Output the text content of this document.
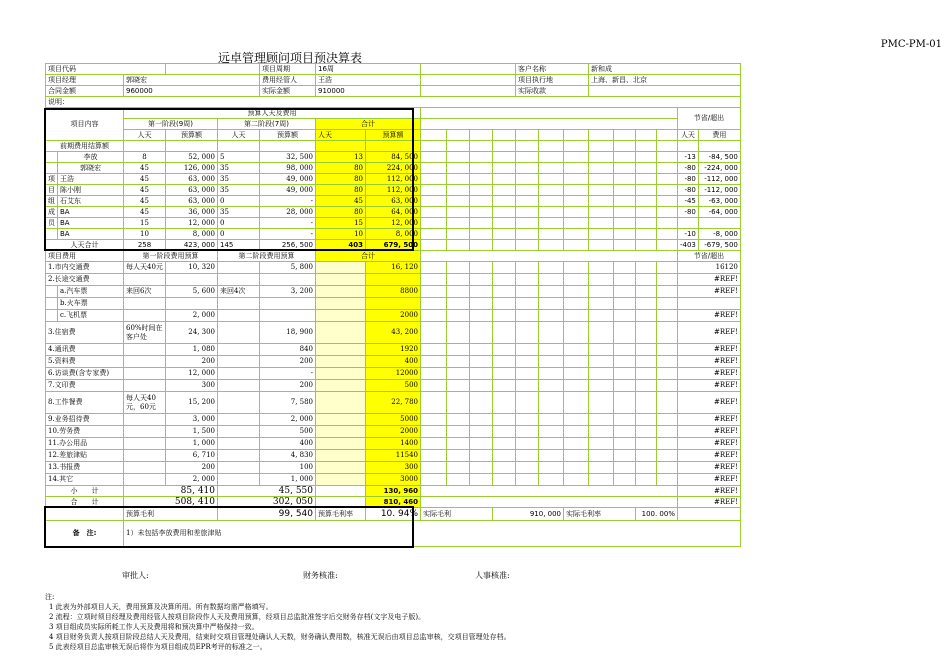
PMC-PM-01
远卓管理顾问项目预决算表
项目代码					项目周期	16周						客户名称			新和成					
项目经理		郭晓宏			费用经管人	王浩						项目执行地			上海、新昌、北京					
合同金额		960000			实际金额	910000						实际收款								
说明：																				
项目内容		预算人天及费用																	节省/超出	
		第一阶段(9周)		第二阶段(7周)		合计														
		人天	预算额	人天	预算额	人天	预算额												人天	费用
前期费用结算额																				
	李放	8	52, 000	5	32, 500	13	84, 500												-13	-84, 500
	郭晓宏	45	126, 000	35	98, 000	80	224, 000												-80	-224, 000
项	王浩	45	63, 000	35	49, 000	80	112, 000												-80	-112, 000
目	陈小刚	45	63, 000	35	49, 000	80	112, 000												-80	-112, 000
组	石艾东	45	63, 000	0	-	45	63, 000												-45	-63, 000
成	BA	45	36, 000	35	28, 000	80	64, 000												-80	-64, 000
员	BA	15	12, 000	0	-	15	12, 000													
	BA	10	8, 000	0	-	10	8, 000												-10	-8, 000
人天合计		258	423, 000	145	256, 500	403	679, 500												-403	-679, 500
项目费用		第一阶段费用预算		第二阶段费用预算		合计													节省/超出	
1.市内交通费		每人天40元	10, 320		5, 800		16, 120												16120	
2.长途交通费																			#REF!	
	a.汽车票	来回6次	5, 600	来回4次	3, 200		8800												#REF!	
	b.火车票																			
	c.飞机票		2, 000				2000												#REF!	
3.住宿费		60%时间在客户处	24, 300		18, 900		43, 200												#REF!	
4.通讯费			1, 080		840		1920												#REF!	
5.资料费			200		200		400												#REF!	
6.访谈费(含专家费)			12, 000		-		12000												#REF!	
7.文印费			300		200		500												#REF!	
8.工作餐费		每人天40元，60元	15, 200		7, 580		22, 780												#REF!	
9.业务招待费			3, 000		2, 000		5000												#REF!	
10.劳务费			1, 500		500		2000												#REF!	
11.办公用品			1, 000		400		1400												#REF!	
12.差旅津贴			6, 710		4, 830		11540												#REF!	
13.书报费			200		100		300												#REF!	
14.其它			2, 000		1, 000		3000												#REF!	
小　　计		85, 410		45, 550			130, 960												#REF!	
合　　计		508, 410		302, 050			810, 460												#REF!	
		预算毛利		99, 540		预算毛利率	10. 94%	实际毛利			910, 000			实际毛利率			100. 00%			
备　注:		1）未包括李放费用和差旅津贴																		
审批人:	财务核准:	人事核准:
注:
1 此表为外部项目人天，费用预算及决算所用。所有数据均需严格填写。
2 流程：立项时须目经理及费用经管人按项目阶段作人天及费用预算，经项目总监批准签字后交财务存档(文字及电子版)。
3 项目组成员实际所耗工作人天及费用将和预决算中严格保持一致。
4 项目财务负责人按项目阶段总结人天及费用，结束时交项目管理处确认人天数，财务确认费用数，核准无误后由项目总监审核，交项目管理处存档。
5 此表经项目总监审核无误后将作为项目组成员EPR考评的标准之一。
